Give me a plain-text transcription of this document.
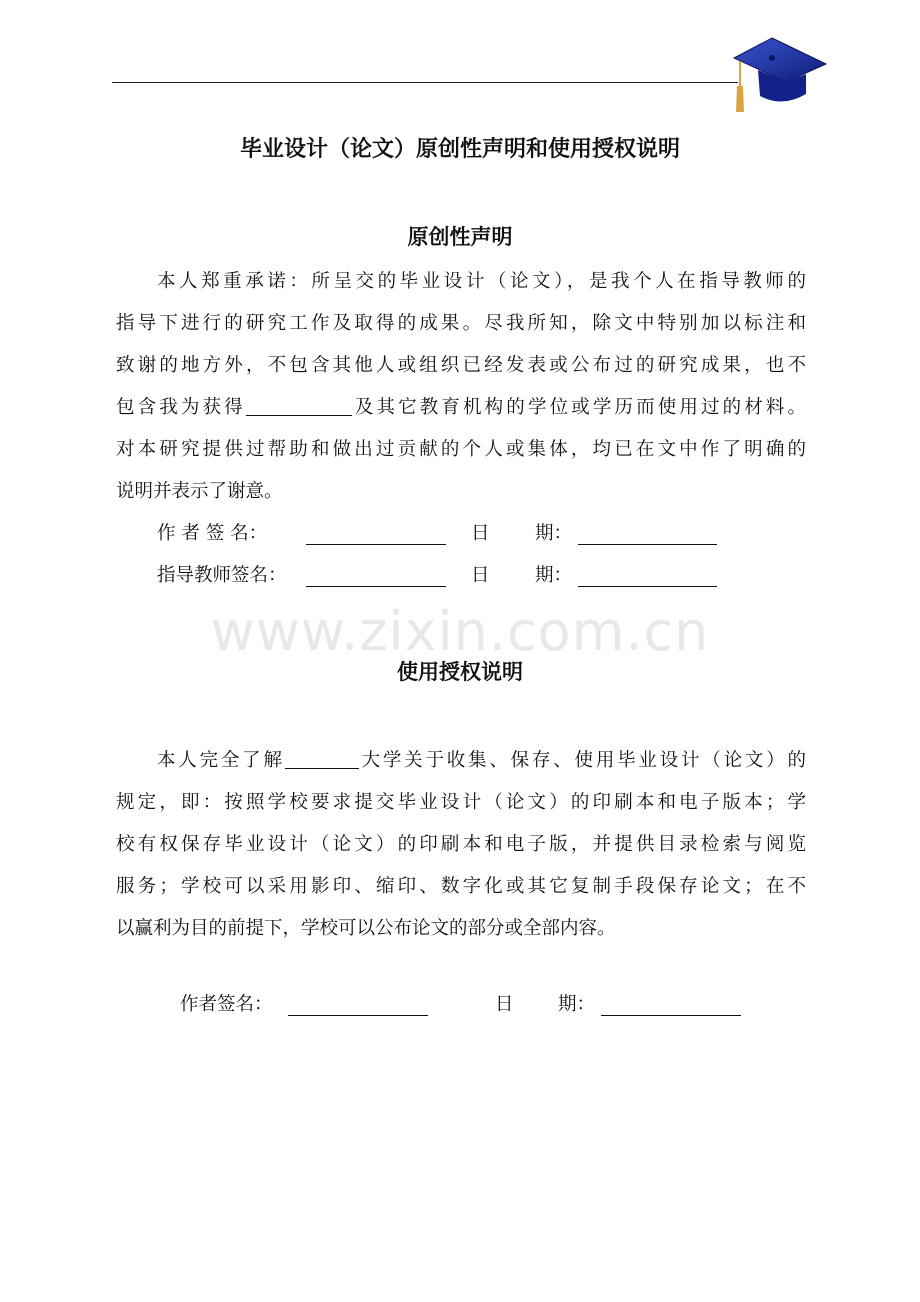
毕业设计（论文）原创性声明和使用授权说明
原创性声明
本人郑重承诺：所呈交的毕业设计（论文），是我个人在指导教师的
指导下进行的研究工作及取得的成果。尽我所知，除文中特别加以标注和
致谢的地方外，不包含其他人或组织已经发表或公布过的研究成果，也不
包含我为获得	及其它教育机构的学位或学历而使用过的材料。
对本研究提供过帮助和做出过贡献的个人或集体，均已在文中作了明确的
说明并表示了谢意。
作 者 签 名：	日 期：
指导教师签名：	日 期：
www.zixin.com.cn
使用授权说明
本人完全了解	大学关于收集、保存、使用毕业设计（论文）的
规定，即：按照学校要求提交毕业设计（论文）的印刷本和电子版本；学
校有权保存毕业设计（论文）的印刷本和电子版，并提供目录检索与阅览
服务；学校可以采用影印、缩印、数字化或其它复制手段保存论文；在不
以赢利为目的前提下，学校可以公布论文的部分或全部内容。
作者签名：	日 期：
